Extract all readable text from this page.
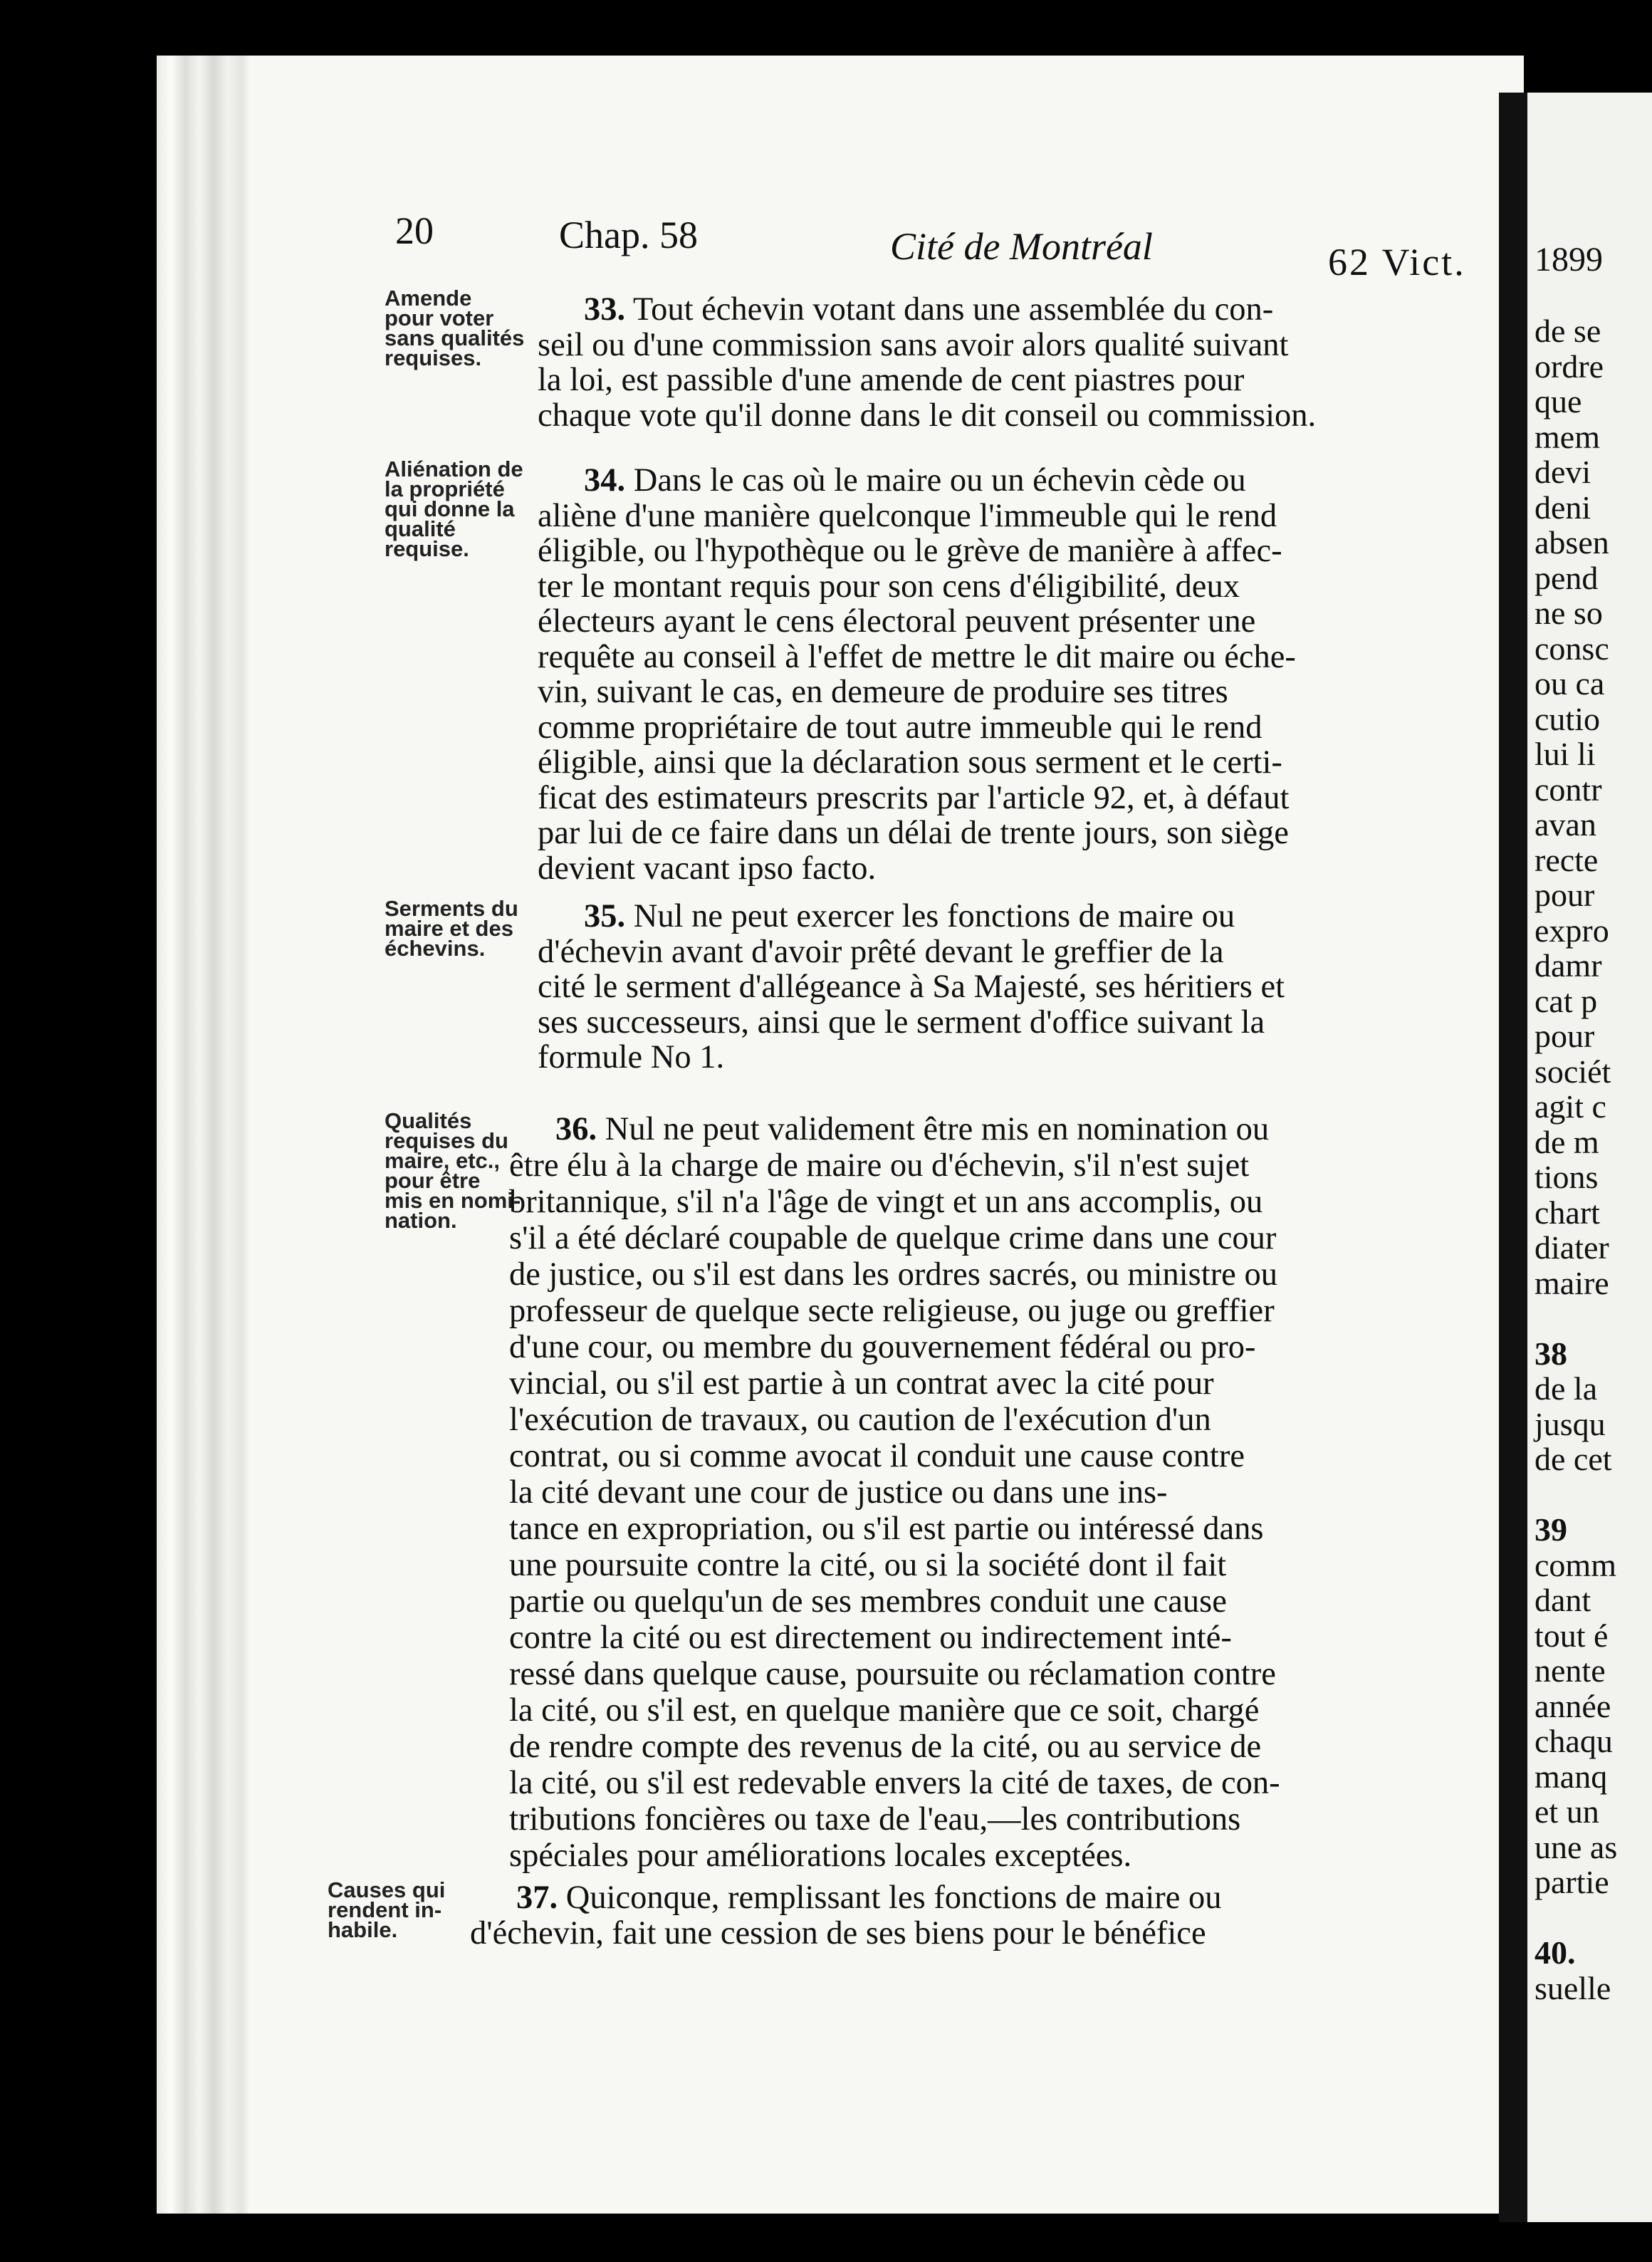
20	Chap. 58	Cité de Montréal	62 Vict.
Amende
pour voter
sans qualités
requises.
33. Tout échevin votant dans une assemblée du con-
seil ou d'une commission sans avoir alors qualité suivant
la loi, est passible d'une amende de cent piastres pour
chaque vote qu'il donne dans le dit conseil ou commission.
Aliénation de
la propriété
qui donne la
qualité
requise.
34. Dans le cas où le maire ou un échevin cède ou
aliène d'une manière quelconque l'immeuble qui le rend
éligible, ou l'hypothèque ou le grève de manière à affec-
ter le montant requis pour son cens d'éligibilité, deux
électeurs ayant le cens électoral peuvent présenter une
requête au conseil à l'effet de mettre le dit maire ou éche-
vin, suivant le cas, en demeure de produire ses titres
comme propriétaire de tout autre immeuble qui le rend
éligible, ainsi que la déclaration sous serment et le certi-
ficat des estimateurs prescrits par l'article 92, et, à défaut
par lui de ce faire dans un délai de trente jours, son siège
devient vacant ipso facto.
Serments du
maire et des
échevins.
35. Nul ne peut exercer les fonctions de maire ou
d'échevin avant d'avoir prêté devant le greffier de la
cité le serment d'allégeance à Sa Majesté, ses héritiers et
ses successeurs, ainsi que le serment d'office suivant la
formule No 1.
Qualités
requises du
maire, etc.,
pour être
mis en nomi-
nation.
36. Nul ne peut validement être mis en nomination ou
être élu à la charge de maire ou d'échevin, s'il n'est sujet
britannique, s'il n'a l'âge de vingt et un ans accomplis, ou
s'il a été déclaré coupable de quelque crime dans une cour
de justice, ou s'il est dans les ordres sacrés, ou ministre ou
professeur de quelque secte religieuse, ou juge ou greffier
d'une cour, ou membre du gouvernement fédéral ou pro-
vincial, ou s'il est partie à un contrat avec la cité pour
l'exécution de travaux, ou caution de l'exécution d'un
contrat, ou si comme avocat il conduit une cause contre
la cité devant une cour de justice ou dans une ins-
tance en expropriation, ou s'il est partie ou intéressé dans
une poursuite contre la cité, ou si la société dont il fait
partie ou quelqu'un de ses membres conduit une cause
contre la cité ou est directement ou indirectement inté-
ressé dans quelque cause, poursuite ou réclamation contre
la cité, ou s'il est, en quelque manière que ce soit, chargé
de rendre compte des revenus de la cité, ou au service de
la cité, ou s'il est redevable envers la cité de taxes, de con-
tributions foncières ou taxe de l'eau,—les contributions
spéciales pour améliorations locales exceptées.
Causes qui
rendent in-
habile.
37. Quiconque, remplissant les fonctions de maire ou
d'échevin, fait une cession de ses biens pour le bénéfice
1899
de se
ordre
que
mem
devi
deni
absen
pend
ne so
consc
ou ca
cutio
lui li
contr
avan
recte
pour
expro
damr
cat p
pour
sociét
agit c
de m
tions
chart
diater
maire

38
de la
jusqu
de cet

39
comm
dant
tout é
nente
année
chaqu
manq
et un
une as
partie

40.
suelle
